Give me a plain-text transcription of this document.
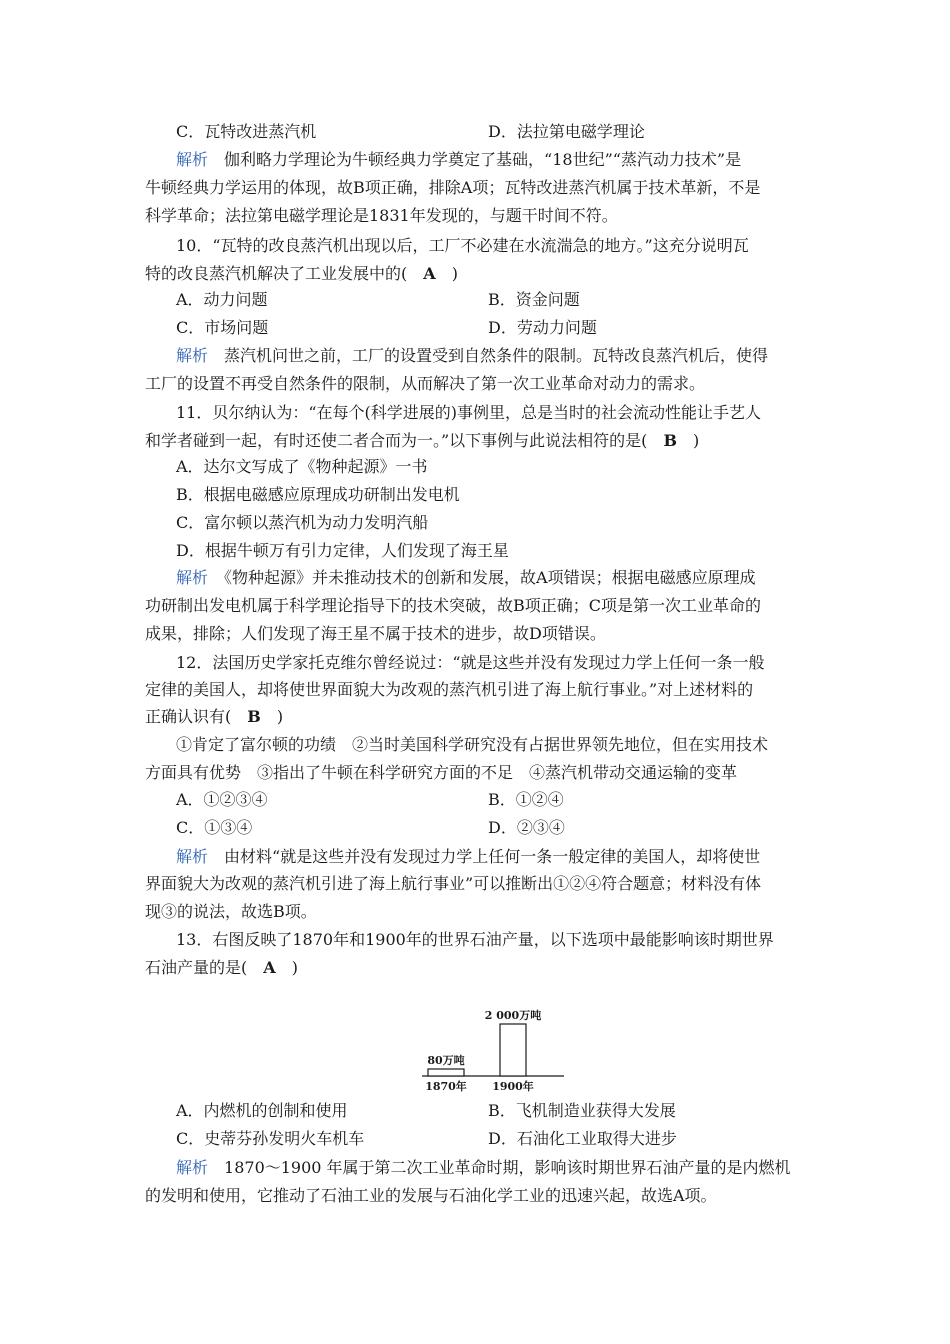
C．瓦特改进蒸汽机	D．法拉第电磁学理论
解析　 伽利略力学理论为牛顿经典力学奠定了基础，“18世纪”“蒸汽动力技术”是
牛顿经典力学运用的体现，故B项正确，排除A项；瓦特改进蒸汽机属于技术革新，不是
科学革命；法拉第电磁学理论是1831年发现的，与题干时间不符。
10．“瓦特的改良蒸汽机出现以后，工厂不必建在水流湍急的地方。”这充分说明瓦
特的改良蒸汽机解决了工业发展中的(　 A　 )
A．动力问题	B．资金问题
C．市场问题	D．劳动力问题
解析　 蒸汽机问世之前，工厂的设置受到自然条件的限制。瓦特改良蒸汽机后，使得
工厂的设置不再受自然条件的限制，从而解决了第一次工业革命对动力的需求。
11．贝尔纳认为：“在每个(科学进展的)事例里，总是当时的社会流动性能让手艺人
和学者碰到一起，有时还使二者合而为一。”以下事例与此说法相符的是(　 B　 )
A．达尔文写成了《物种起源》一书
B．根据电磁感应原理成功研制出发电机
C．富尔顿以蒸汽机为动力发明汽船
D．根据牛顿万有引力定律，人们发现了海王星
解析　 《物种起源》并未推动技术的创新和发展，故A项错误；根据电磁感应原理成
功研制出发电机属于科学理论指导下的技术突破，故B项正确；C项是第一次工业革命的
成果，排除；人们发现了海王星不属于技术的进步，故D项错误。
12．法国历史学家托克维尔曾经说过：“就是这些并没有发现过力学上任何一条一般
定律的美国人，却将使世界面貌大为改观的蒸汽机引进了海上航行事业。”对上述材料的
正确认识有(　 B　 )
①肯定了富尔顿的功绩　②当时美国科学研究没有占据世界领先地位，但在实用技术
方面具有优势　③指出了牛顿在科学研究方面的不足　④蒸汽机带动交通运输的变革
A．①②③④	B．①②④
C．①③④	D．②③④
解析　 由材料“就是这些并没有发现过力学上任何一条一般定律的美国人，却将使世
界面貌大为改观的蒸汽机引进了海上航行事业”可以推断出①②④符合题意；材料没有体
现③的说法，故选B项。
13．右图反映了1870年和1900年的世界石油产量，以下选项中最能影响该时期世界
石油产量的是(　 A　 )
80万吨
1870年
2 000万吨
1900年
A．内燃机的创制和使用	B．飞机制造业获得大发展
C．史蒂芬孙发明火车机车	D．石油化工业取得大进步
解析　 1870～1900 年属于第二次工业革命时期，影响该时期世界石油产量的是内燃机
的发明和使用，它推动了石油工业的发展与石油化学工业的迅速兴起，故选A项。
